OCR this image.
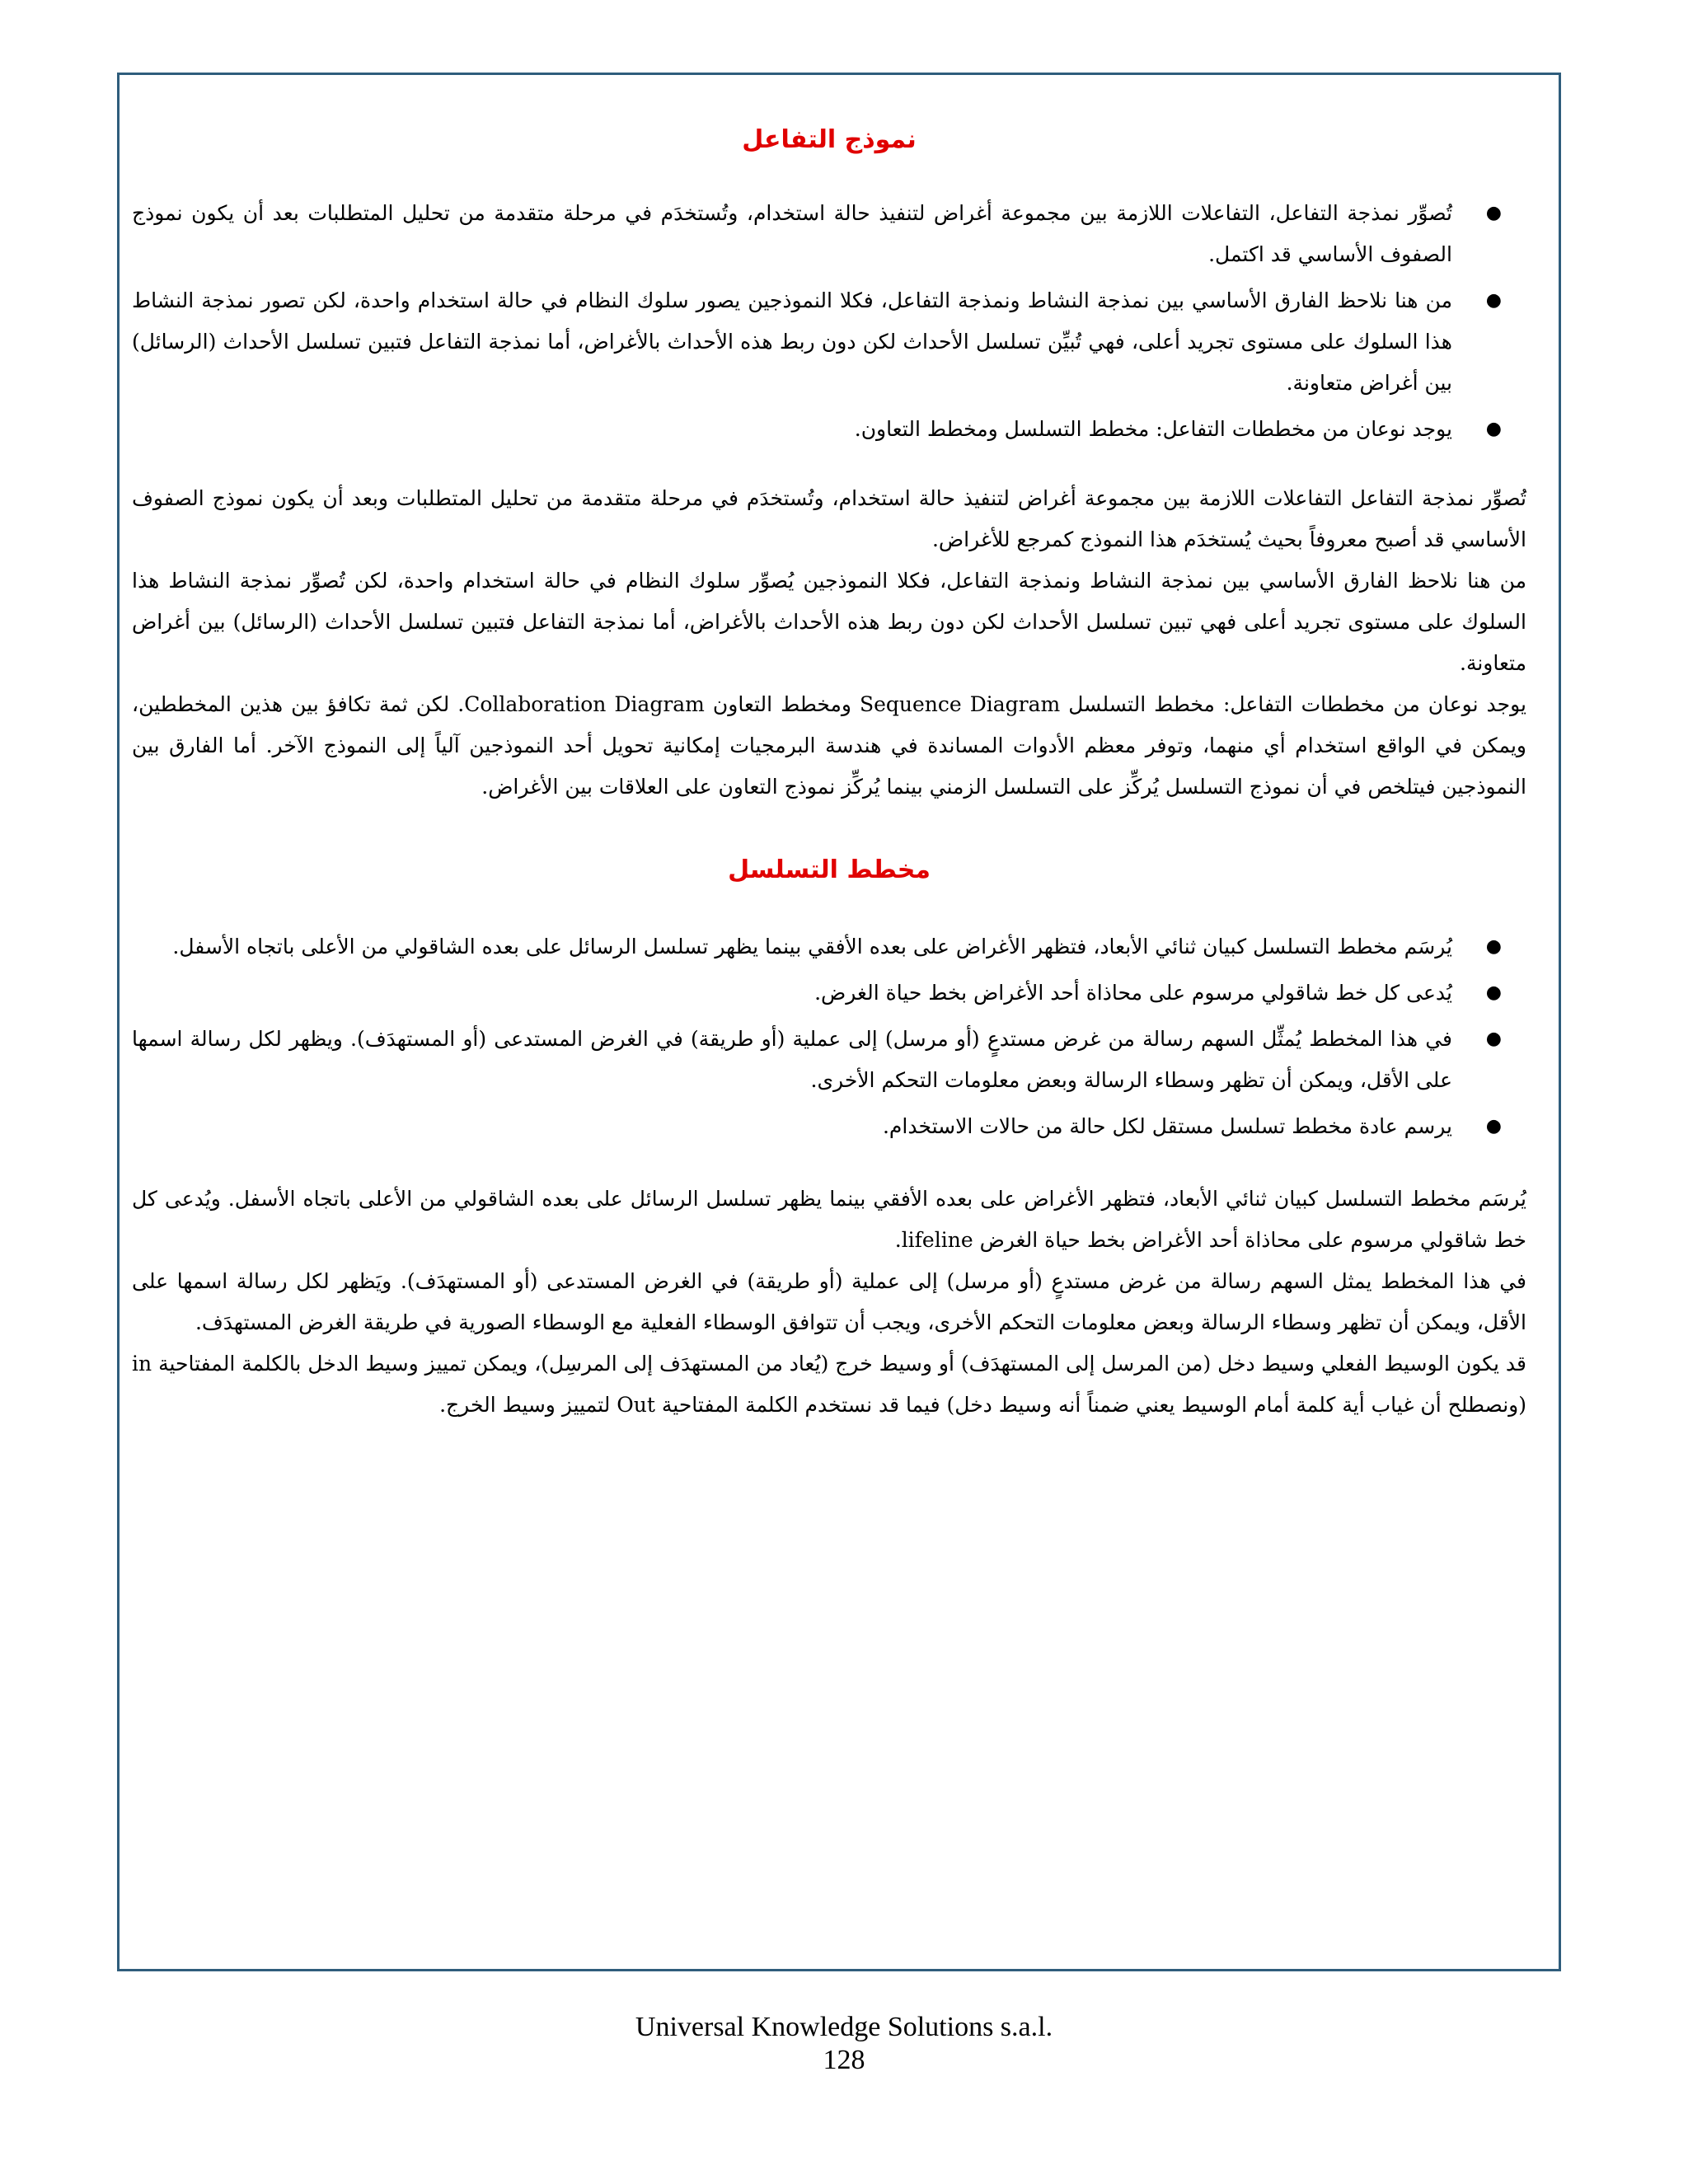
نموذج التفاعل
●
تُصوِّر نمذجة التفاعل، التفاعلات اللازمة بين مجموعة أغراض لتنفيذ حالة استخدام، وتُستخدَم في مرحلة متقدمة من تحليل المتطلبات بعد أن يكون نموذج الصفوف الأساسي قد اكتمل.
●
من هنا نلاحظ الفارق الأساسي بين نمذجة النشاط ونمذجة التفاعل، فكلا النموذجين يصور سلوك النظام في حالة استخدام واحدة، لكن تصور نمذجة النشاط هذا السلوك على مستوى تجريد أعلى، فهي تُبيِّن تسلسل الأحداث لكن دون ربط هذه الأحداث بالأغراض، أما نمذجة التفاعل فتبين تسلسل الأحداث (الرسائل) بين أغراض متعاونة.
●
يوجد نوعان من مخططات التفاعل: مخطط التسلسل ومخطط التعاون.

تُصوِّر نمذجة التفاعل التفاعلات اللازمة بين مجموعة أغراض لتنفيذ حالة استخدام، وتُستخدَم في مرحلة متقدمة من تحليل المتطلبات وبعد أن يكون نموذج الصفوف الأساسي قد أصبح معروفاً بحيث يُستخدَم هذا النموذج كمرجع للأغراض.

من هنا نلاحظ الفارق الأساسي بين نمذجة النشاط ونمذجة التفاعل، فكلا النموذجين يُصوِّر سلوك النظام في حالة استخدام واحدة، لكن تُصوِّر نمذجة النشاط هذا السلوك على مستوى تجريد أعلى فهي تبين تسلسل الأحداث لكن دون ربط هذه الأحداث بالأغراض، أما نمذجة التفاعل فتبين تسلسل الأحداث (الرسائل) بين أغراض متعاونة.

يوجد نوعان من مخططات التفاعل: مخطط التسلسل Sequence Diagram ومخطط التعاون Collaboration Diagram. لكن ثمة تكافؤ بين هذين المخططين، ويمكن في الواقع استخدام أي منهما، وتوفر معظم الأدوات المساندة في هندسة البرمجيات إمكانية تحويل أحد النموذجين آلياً إلى النموذج الآخر. أما الفارق بين النموذجين فيتلخص في أن نموذج التسلسل يُركِّز على التسلسل الزمني بينما يُركِّز نموذج التعاون على العلاقات بين الأغراض.

مخطط التسلسل
●
يُرسَم مخطط التسلسل كبيان ثنائي الأبعاد، فتظهر الأغراض على بعده الأفقي بينما يظهر تسلسل الرسائل على بعده الشاقولي من الأعلى باتجاه الأسفل.
●
يُدعى كل خط شاقولي مرسوم على محاذاة أحد الأغراض بخط حياة الغرض.
●
في هذا المخطط يُمثِّل السهم رسالة من غرض مستدعٍ (أو مرسل) إلى عملية (أو طريقة) في الغرض المستدعى (أو المستهدَف). ويظهر لكل رسالة اسمها على الأقل، ويمكن أن تظهر وسطاء الرسالة وبعض معلومات التحكم الأخرى.
●
يرسم عادة مخطط تسلسل مستقل لكل حالة من حالات الاستخدام.

يُرسَم مخطط التسلسل كبيان ثنائي الأبعاد، فتظهر الأغراض على بعده الأفقي بينما يظهر تسلسل الرسائل على بعده الشاقولي من الأعلى باتجاه الأسفل. ويُدعى كل خط شاقولي مرسوم على محاذاة أحد الأغراض بخط حياة الغرض lifeline.

في هذا المخطط يمثل السهم رسالة من غرض مستدعٍ (أو مرسل) إلى عملية (أو طريقة) في الغرض المستدعى (أو المستهدَف). ويَظهر لكل رسالة اسمها على الأقل، ويمكن أن تظهر وسطاء الرسالة وبعض معلومات التحكم الأخرى، ويجب أن تتوافق الوسطاء الفعلية مع الوسطاء الصورية في طريقة الغرض المستهدَف.

قد يكون الوسيط الفعلي وسيط دخل (من المرسل إلى المستهدَف) أو وسيط خرج (يُعاد من المستهدَف إلى المرسِل)، ويمكن تمييز وسيط الدخل بالكلمة المفتاحية in (ونصطلح أن غياب أية كلمة أمام الوسيط يعني ضمناً أنه وسيط دخل) فيما قد نستخدم الكلمة المفتاحية Out لتمييز وسيط الخرج.

Universal Knowledge Solutions s.a.l.
128
